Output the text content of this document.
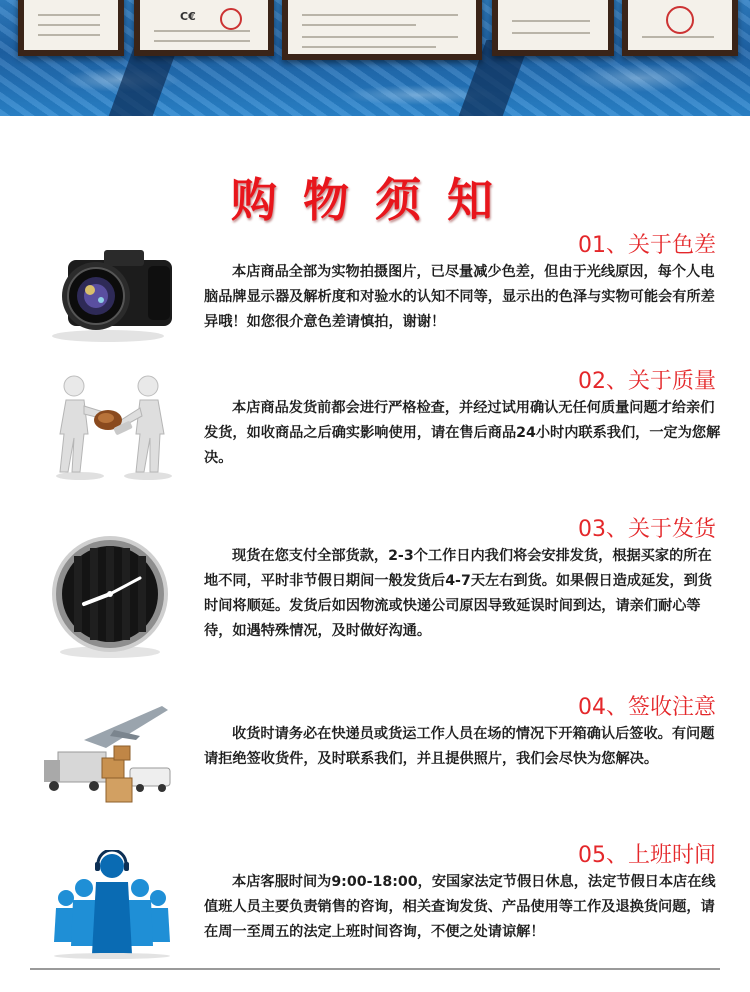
C€
购物须知
01、关于色差

本店商品全部为实物拍摄图片，已尽量减少色差，但由于光线原因，每个人电脑品牌显示器及解析度和对验水的认知不同等，显示出的色泽与实物可能会有所差异哦！如您很介意色差请慎拍，谢谢！

02、关于质量

本店商品发货前都会进行严格检查，并经过试用确认无任何质量问题才给亲们发货，如收商品之后确实影响使用，请在售后商品24小时内联系我们，一定为您解决。

03、关于发货

现货在您支付全部货款，2-3个工作日内我们将会安排发货，根据买家的所在地不同，平时非节假日期间一般发货后4-7天左右到货。如果假日造成延发，到货时间将顺延。发货后如因物流或快递公司原因导致延误时间到达，请亲们耐心等待，如遇特殊情况，及时做好沟通。

04、签收注意

收货时请务必在快递员或货运工作人员在场的情况下开箱确认后签收。有问题请拒绝签收货件，及时联系我们，并且提供照片，我们会尽快为您解决。

05、上班时间

本店客服时间为9:00-18:00，安国家法定节假日休息，法定节假日本店在线值班人员主要负责销售的咨询，相关查询发货、产品使用等工作及退换货问题，请在周一至周五的法定上班时间咨询，不便之处请谅解！
